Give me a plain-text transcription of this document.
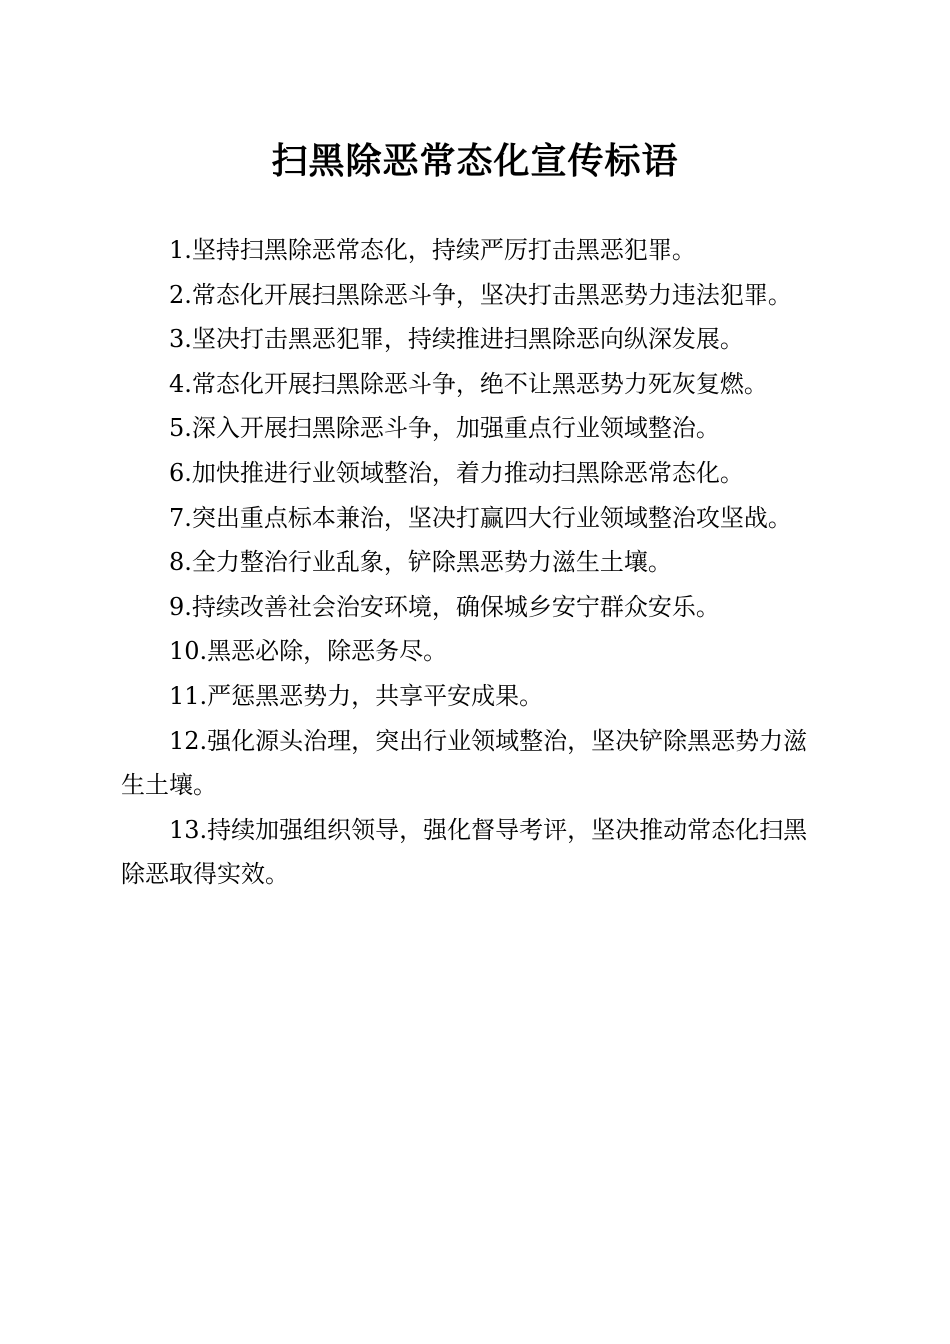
扫黑除恶常态化宣传标语
1.坚持扫黑除恶常态化，持续严厉打击黑恶犯罪。
2.常态化开展扫黑除恶斗争，坚决打击黑恶势力违法犯罪。
3.坚决打击黑恶犯罪，持续推进扫黑除恶向纵深发展。
4.常态化开展扫黑除恶斗争，绝不让黑恶势力死灰复燃。
5.深入开展扫黑除恶斗争，加强重点行业领域整治。
6.加快推进行业领域整治，着力推动扫黑除恶常态化。
7.突出重点标本兼治，坚决打赢四大行业领域整治攻坚战。
8.全力整治行业乱象，铲除黑恶势力滋生土壤。
9.持续改善社会治安环境，确保城乡安宁群众安乐。
10.黑恶必除，除恶务尽。
11.严惩黑恶势力，共享平安成果。
12.强化源头治理，突出行业领域整治，坚决铲除黑恶势力滋生土壤。
13.持续加强组织领导，强化督导考评，坚决推动常态化扫黑除恶取得实效。
